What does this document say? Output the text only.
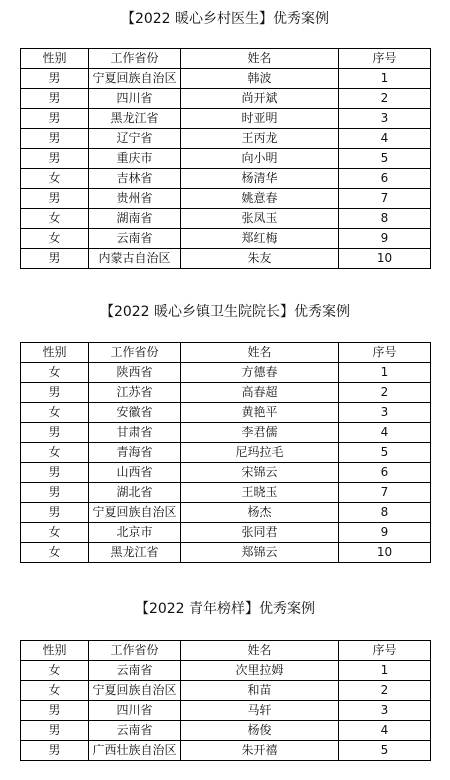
【2022 暖心乡村医生】优秀案例
性别	工作省份	姓名	序号
男	宁夏回族自治区	韩波	1
男	四川省	尚开斌	2
男	黑龙江省	时亚明	3
男	辽宁省	王丙龙	4
男	重庆市	向小明	5
女	吉林省	杨清华	6
男	贵州省	姚意春	7
女	湖南省	张凤玉	8
女	云南省	郑红梅	9
男	内蒙古自治区	朱友	10
【2022 暖心乡镇卫生院院长】优秀案例
性别	工作省份	姓名	序号
女	陕西省	方德春	1
男	江苏省	高春超	2
女	安徽省	黄艳平	3
男	甘肃省	李君儒	4
女	青海省	尼玛拉毛	5
男	山西省	宋锦云	6
男	湖北省	王晓玉	7
男	宁夏回族自治区	杨杰	8
女	北京市	张同君	9
女	黑龙江省	郑锦云	10
【2022 青年榜样】优秀案例
性别	工作省份	姓名	序号
女	云南省	次里拉姆	1
女	宁夏回族自治区	和苗	2
男	四川省	马轩	3
男	云南省	杨俊	4
男	广西壮族自治区	朱开禧	5
